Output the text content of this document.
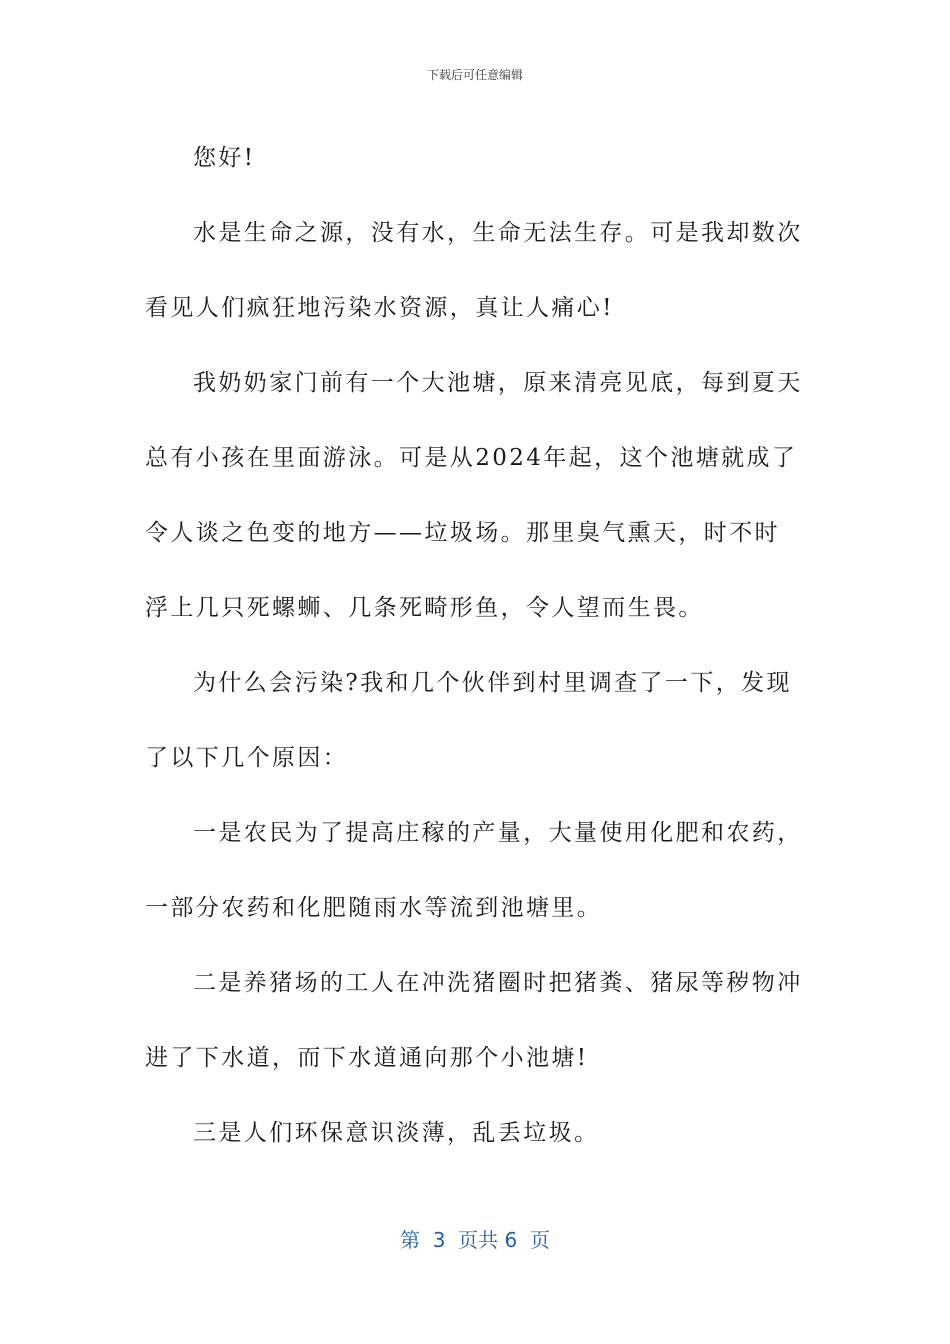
下载后可任意编辑

您好!

水是生命之源，没有水，生命无法生存。可是我却数次看见人们疯狂地污染水资源，真让人痛心!

我奶奶家门前有一个大池塘，原来清亮见底，每到夏天总有小孩在里面游泳。可是从2024年起，这个池塘就成了令人谈之色变的地方——垃圾场。那里臭气熏天，时不时浮上几只死螺蛳、几条死畸形鱼，令人望而生畏。

为什么会污染?我和几个伙伴到村里调查了一下，发现了以下几个原因：

一是农民为了提高庄稼的产量，大量使用化肥和农药，一部分农药和化肥随雨水等流到池塘里。

二是养猪场的工人在冲洗猪圈时把猪粪、猪尿等秽物冲进了下水道，而下水道通向那个小池塘!

三是人们环保意识淡薄，乱丢垃圾。

第  3  页共 6  页
